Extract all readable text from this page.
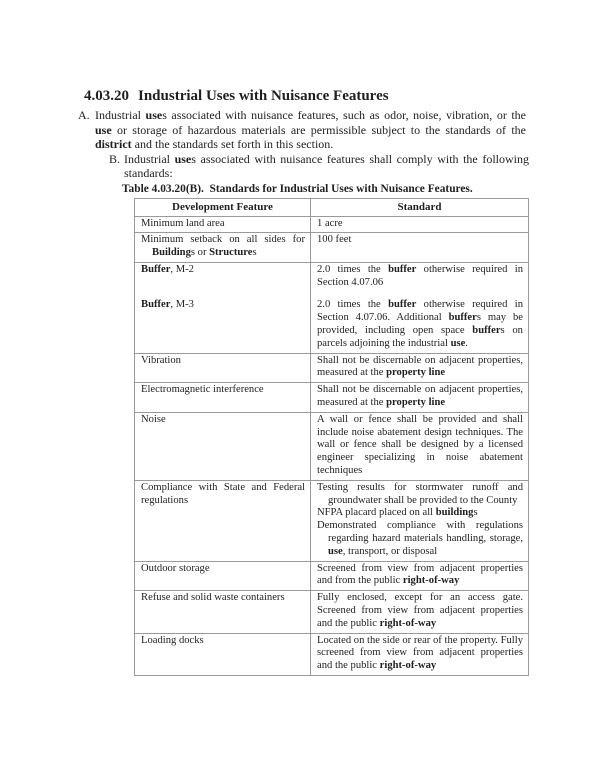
4.03.20 Industrial Uses with Nuisance Features
A. Industrial uses associated with nuisance features, such as odor, noise, vibration, or the use or storage of hazardous materials are permissible subject to the standards of the district and the standards set forth in this section.
B. Industrial uses associated with nuisance features shall comply with the following standards:
Table 4.03.20(B).  Standards for Industrial Uses with Nuisance Features.
Development Feature	Standard

Minimum land area	1 acre

Minimum setback on all sides for Buildings or Structures	100 feet

Buffer, M-2	2.0 times the buffer otherwise required in Section 4.07.06

Buffer, M-3	2.0 times the buffer otherwise required in Section 4.07.06. Additional buffers may be provided, including open space buffers on parcels adjoining the industrial use.

Vibration	Shall not be discernable on adjacent properties, measured at the property line

Electromagnetic interference	Shall not be discernable on adjacent properties, measured at the property line

Noise	A wall or fence shall be provided and shall include noise abatement design techniques. The wall or fence shall be designed by a licensed engineer specializing in noise abatement techniques

Compliance with State and Federal regulations	Testing results for stormwater runoff and groundwater shall be provided to the County
NFPA placard placed on all buildings
Demonstrated compliance with regulations regarding hazard materials handling, storage, use, transport, or disposal

Outdoor storage	Screened from view from adjacent properties and from the public right-of-way

Refuse and solid waste containers	Fully enclosed, except for an access gate. Screened from view from adjacent properties and the public right-of-way

Loading docks	Located on the side or rear of the property. Fully screened from view from adjacent properties and the public right-of-way
